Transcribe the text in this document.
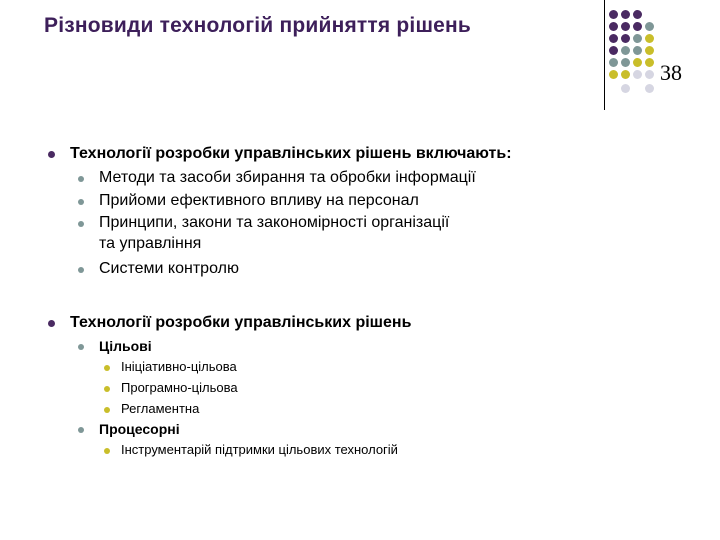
Різновиди технологій прийняття рішень
38
Технології розробки управлінських рішень включають:
Методи та засоби збирання та обробки інформації
Прийоми ефективного впливу на персонал
Принципи, закони та закономірності організації
та управління
Системи контролю
Технології розробки управлінських рішень
Цільові
Ініціативно-цільова
Програмно-цільова
Регламентна
Процесорні
Інструментарій підтримки цільових технологій
